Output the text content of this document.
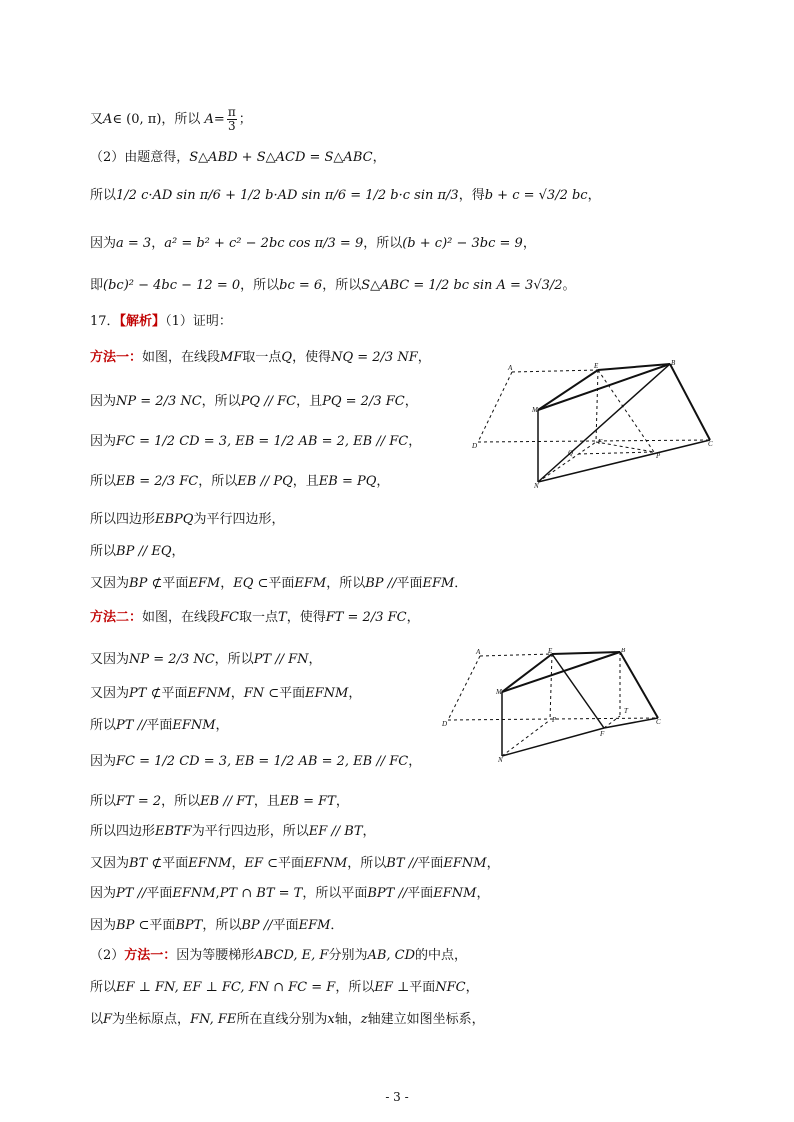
又A∈ (0, π)，所以 $A= \frac{\pi}{3}$ ；
（2）由题意得，S△ABD + S△ACD = S△ABC，
所以1/2 c·AD sin π/6 + 1/2 b·AD sin π/6 = 1/2 b·c sin π/3，得b + c = √3/2 bc，
因为a = 3，a² = b² + c² − 2bc cos π/3 = 9，所以(b + c)² − 3bc = 9，
即(bc)² − 4bc − 12 = 0，所以bc = 6，所以S△ABC = 1/2 bc sin A = 3√3/2。
17．【解析】（1）证明：
方法一：如图，在线段MF取一点Q，使得NQ = 2/3 NF，
因为NP = 2/3 NC，所以PQ // FC，且PQ = 2/3 FC，
因为FC = 1/2 CD = 3, EB = 1/2 AB = 2, EB // FC，
所以EB = 2/3 FC，所以EB // PQ，且EB = PQ，
所以四边形EBPQ为平行四边形，
所以BP // EQ，
又因为BP ⊄平面EFM，EQ ⊂平面EFM，所以BP //平面EFM．
方法二：如图，在线段FC取一点T，使得FT = 2/3 FC，
又因为NP = 2/3 NC，所以PT // FN，
又因为PT ⊄平面EFNM，FN ⊂平面EFNM，
所以PT //平面EFNM，
因为FC = 1/2 CD = 3, EB = 1/2 AB = 2, EB // FC，
所以FT = 2，所以EB // FT，且EB = FT，
所以四边形EBTF为平行四边形，所以EF // BT，
又因为BT ⊄平面EFNM，EF ⊂平面EFNM，所以BT //平面EFNM，
因为PT //平面EFNM,PT ∩ BT = T，所以平面BPT //平面EFNM，
因为BP ⊂平面BPT，所以BP //平面EFM．
（2）方法一：因为等腰梯形ABCD, E, F分别为AB, CD的中点，
所以EF ⊥ FN, EF ⊥ FC, FN ∩ FC = F，所以EF ⊥平面NFC，
以F为坐标原点，FN, FE所在直线分别为x轴，z轴建立如图坐标系，
A	E	B
M
D
P
Q
F	C
N
A	E	B
M
D	P
T
F
C
N
- 3 -
